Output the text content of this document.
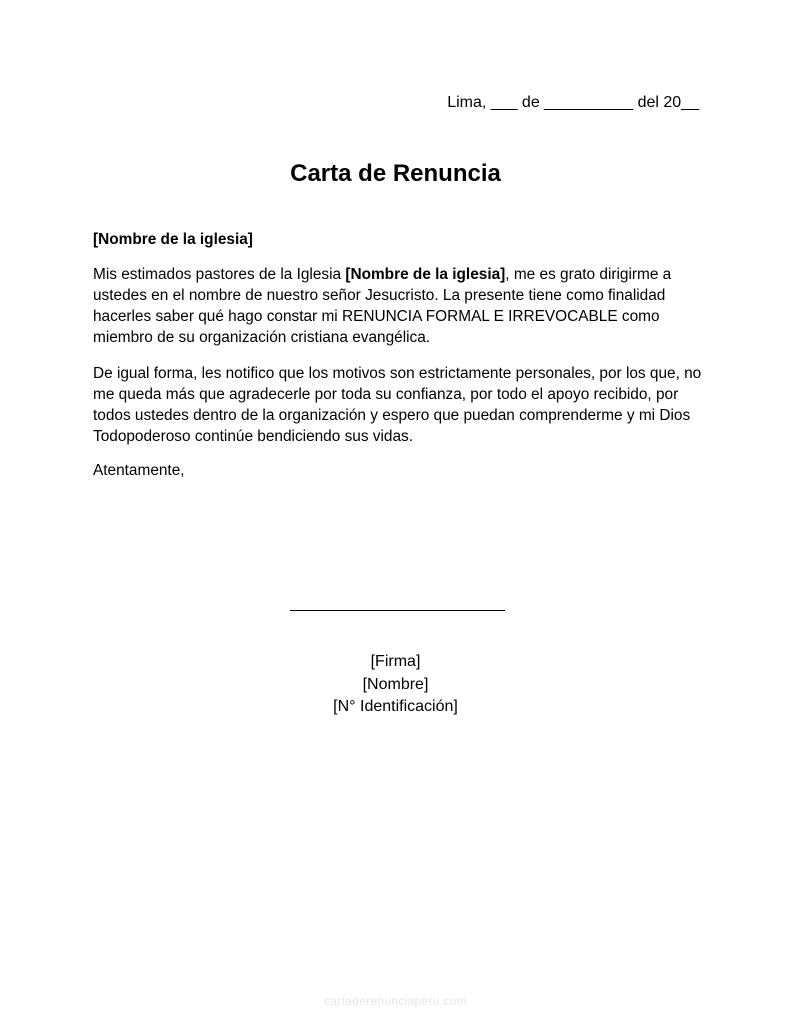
Lima, ___ de __________ del 20__
Carta de Renuncia
[Nombre de la iglesia]
Mis estimados pastores de la Iglesia [Nombre de la iglesia], me es grato dirigirme a ustedes en el nombre de nuestro señor Jesucristo. La presente tiene como finalidad hacerles saber qué hago constar mi RENUNCIA FORMAL E IRREVOCABLE como miembro de su organización cristiana evangélica.
De igual forma, les notifico que los motivos son estrictamente personales, por los que, no me queda más que agradecerle por toda su confianza, por todo el apoyo recibido, por todos ustedes dentro de la organización y espero que puedan comprenderme y mi Dios Todopoderoso continúe bendiciendo sus vidas.
Atentamente,
[Firma]
[Nombre]
[N° Identificación]
cartaderenunciaperu.com
